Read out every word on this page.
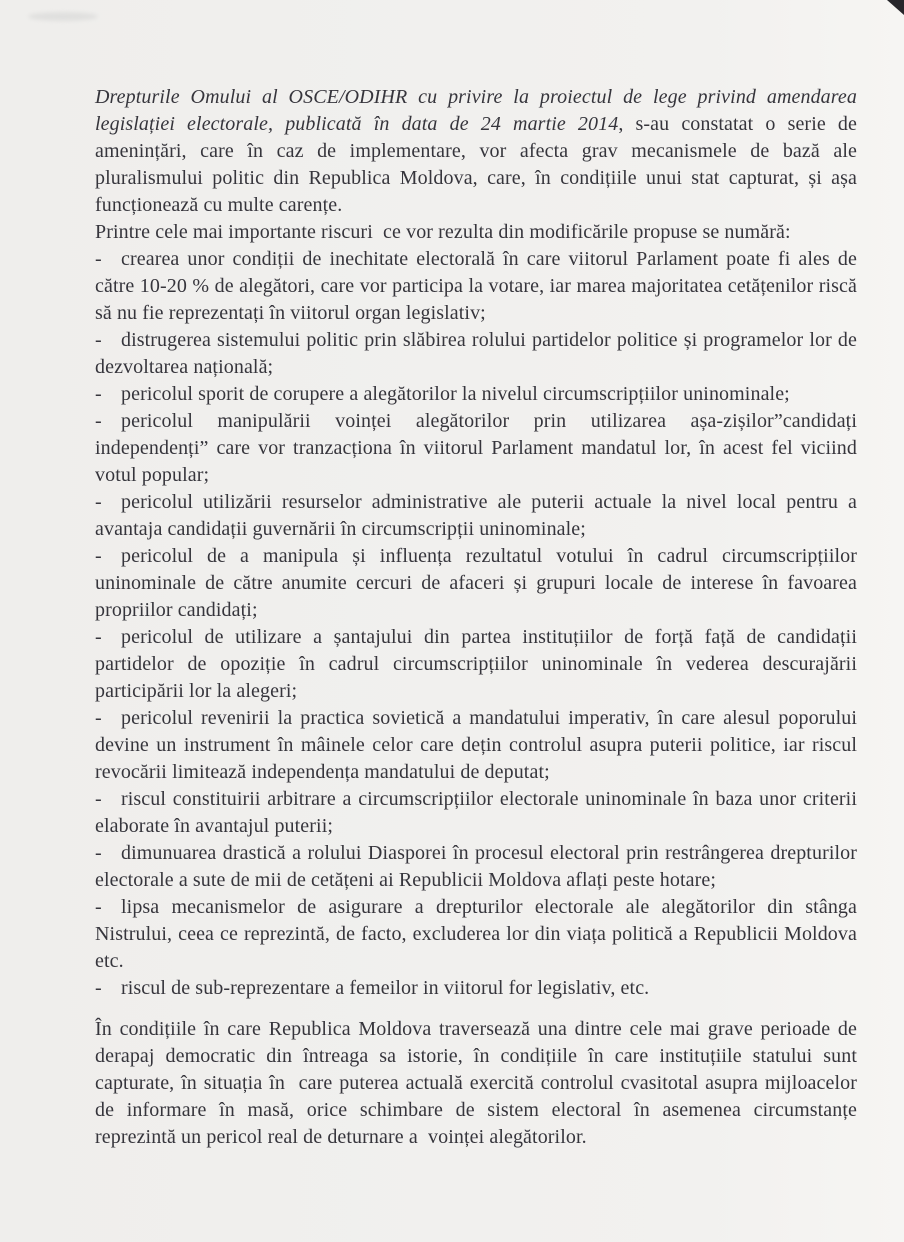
Drepturile Omului al OSCE/ODIHR cu privire la proiectul de lege privind amendarea legislației electorale, publicată în data de 24 martie 2014, s-au constatat o serie de amenințări, care în caz de implementare, vor afecta grav mecanismele de bază ale pluralismului politic din Republica Moldova, care, în condițiile unui stat capturat, și așa funcționează cu multe carențe.

Printre cele mai importante riscuri  ce vor rezulta din modificările propuse se numără:

- crearea unor condiții de inechitate electorală în care viitorul Parlament poate fi ales de către 10-20 % de alegători, care vor participa la votare, iar marea majoritatea cetățenilor riscă să nu fie reprezentați în viitorul organ legislativ;

- distrugerea sistemului politic prin slăbirea rolului partidelor politice și programelor lor de dezvoltarea națională;

- pericolul sporit de corupere a alegătorilor la nivelul circumscripțiilor uninominale;

- pericolul manipulării voinței alegătorilor prin utilizarea așa-zișilor”candidați independenți” care vor tranzacționa în viitorul Parlament mandatul lor, în acest fel viciind votul popular;

- pericolul utilizării resurselor administrative ale puterii actuale la nivel local pentru a avantaja candidații guvernării în circumscripții uninominale;

- pericolul de a manipula și influența rezultatul votului în cadrul circumscripțiilor uninominale de către anumite cercuri de afaceri și grupuri locale de interese în favoarea propriilor candidați;

- pericolul de utilizare a șantajului din partea instituțiilor de forță față de candidații partidelor de opoziție în cadrul circumscripțiilor uninominale în vederea descurajării participării lor la alegeri;

- pericolul revenirii la practica sovietică a mandatului imperativ, în care alesul poporului devine un instrument în mâinele celor care dețin controlul asupra puterii politice, iar riscul revocării limitează independența mandatului de deputat;

- riscul constituirii arbitrare a circumscripțiilor electorale uninominale în baza unor criterii elaborate în avantajul puterii;

- dimunuarea drastică a rolului Diasporei în procesul electoral prin restrângerea drepturilor electorale a sute de mii de cetățeni ai Republicii Moldova aflați peste hotare;

- lipsa mecanismelor de asigurare a drepturilor electorale ale alegătorilor din stânga Nistrului, ceea ce reprezintă, de facto, excluderea lor din viața politică a Republicii Moldova etc.

- riscul de sub-reprezentare a femeilor in viitorul for legislativ, etc.

În condițiile în care Republica Moldova traversează una dintre cele mai grave perioade de derapaj democratic din întreaga sa istorie, în condițiile în care instituțiile statului sunt capturate, în situația în  care puterea actuală exercită controlul cvasitotal asupra mijloacelor de informare în masă, orice schimbare de sistem electoral în asemenea circumstanțe reprezintă un pericol real de deturnare a  voinței alegătorilor.
